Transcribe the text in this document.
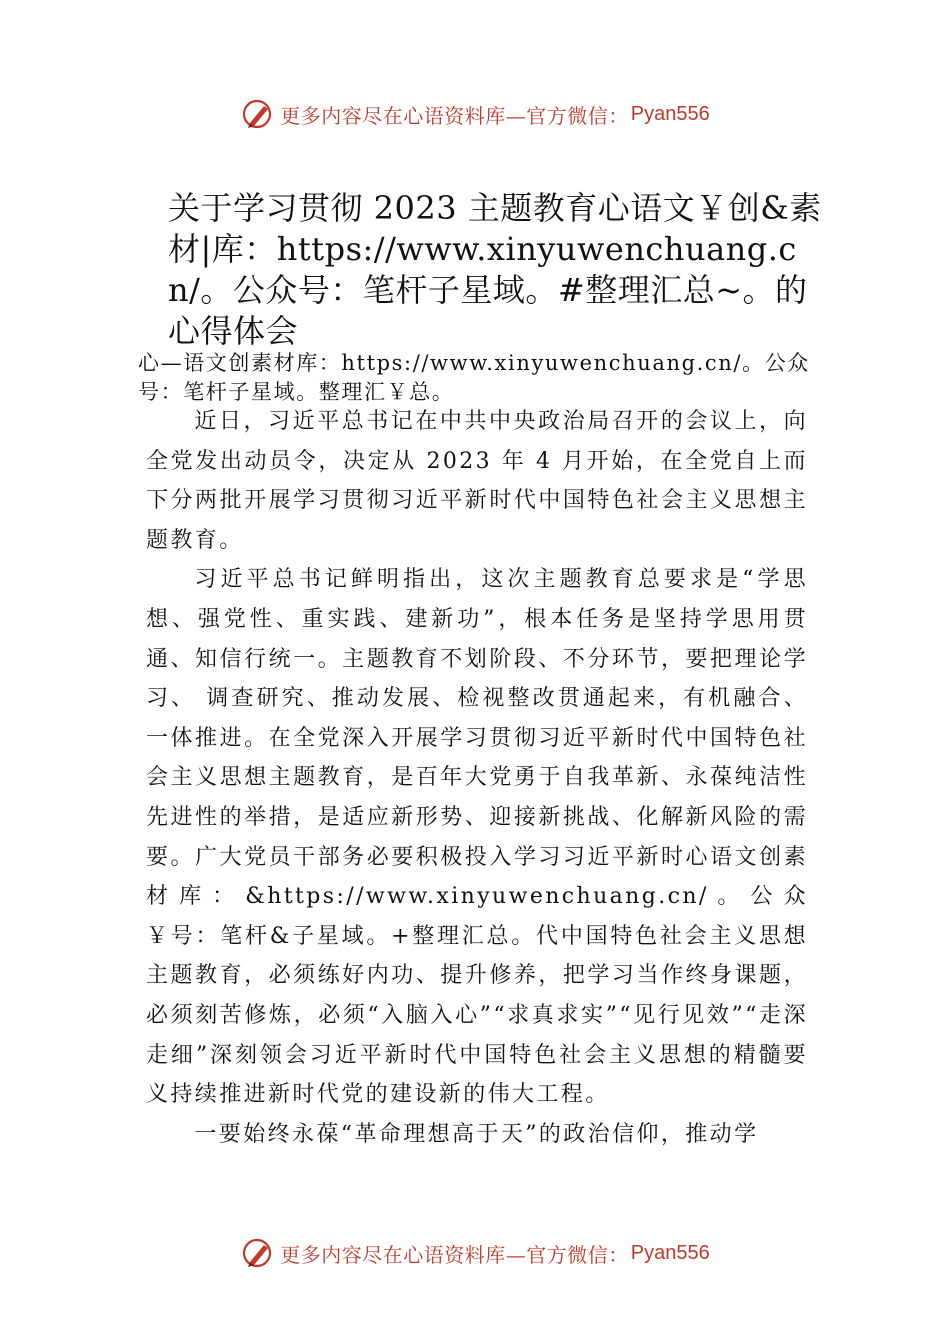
更多内容尽在心语资料库—官方微信： Pyan556
关于学习贯彻 2023 主题教育心语文￥创&素材|库：https://www.xinyuwenchuang.cn/。公众号：笔杆子星域。#整理汇总~。的心得体会

心—语文创素材库：https://www.xinyuwenchuang.cn/。公众号：笔杆子星域。整理汇￥总。

近日，习近平总书记在中共中央政治局召开的会议上，向全党发出动员令，决定从 2023 年 4 月开始，在全党自上而下分两批开展学习贯彻习近平新时代中国特色社会主义思想主题教育。

习近平总书记鲜明指出，这次主题教育总要求是“学思想、强党性、重实践、建新功”，根本任务是坚持学思用贯通、知信行统一。主题教育不划阶段、不分环节，要把理论学习、 调查研究、推动发展、检视整改贯通起来，有机融合、一体推进。在全党深入开展学习贯彻习近平新时代中国特色社会主义思想主题教育，是百年大党勇于自我革新、永葆纯洁性先进性的举措，是适应新形势、迎接新挑战、化解新风险的需要。广大党员干部务必要积极投入学习习近平新时心语文创素材库：&https://www.xinyuwenchuang.cn/。公众￥号：笔杆&子星域。+整理汇总。代中国特色社会主义思想主题教育，必须练好内功、提升修养，把学习当作终身课题，必须刻苦修炼，必须“入脑入心”“求真求实”“见行见效”“走深走细”深刻领会习近平新时代中国特色社会主义思想的精髓要义持续推进新时代党的建设新的伟大工程。

一要始终永葆“革命理想高于天”的政治信仰，推动学

更多内容尽在心语资料库—官方微信： Pyan556
